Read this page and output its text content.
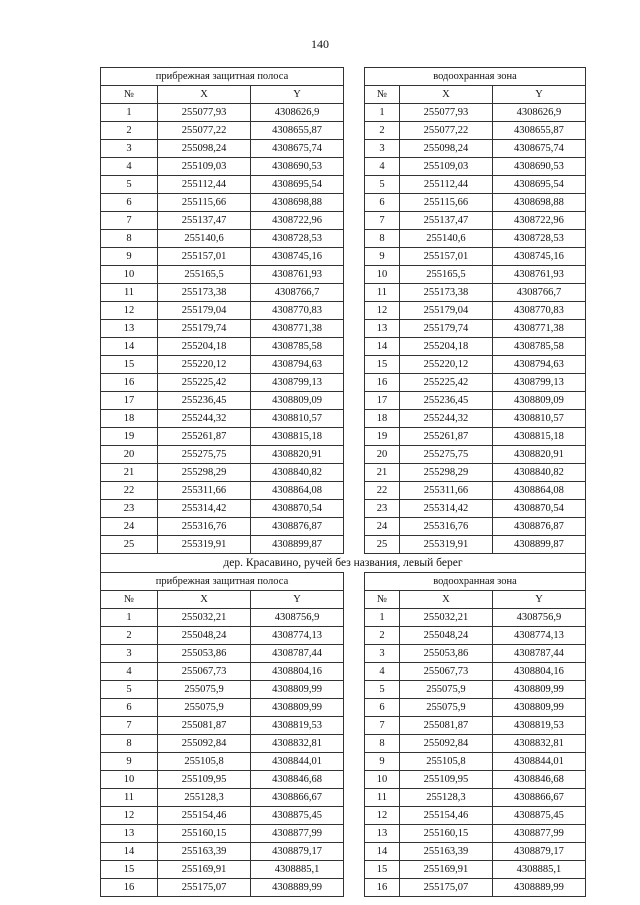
140
прибрежная защитная полоса		
№	X	Y
1	255077,93	4308626,9
2	255077,22	4308655,87
3	255098,24	4308675,74
4	255109,03	4308690,53
5	255112,44	4308695,54
6	255115,66	4308698,88
7	255137,47	4308722,96
8	255140,6	4308728,53
9	255157,01	4308745,16
10	255165,5	4308761,93
11	255173,38	4308766,7
12	255179,04	4308770,83
13	255179,74	4308771,38
14	255204,18	4308785,58
15	255220,12	4308794,63
16	255225,42	4308799,13
17	255236,45	4308809,09
18	255244,32	4308810,57
19	255261,87	4308815,18
20	255275,75	4308820,91
21	255298,29	4308840,82
22	255311,66	4308864,08
23	255314,42	4308870,54
24	255316,76	4308876,87
25	255319,91	4308899,87
водоохранная зона		
№	X	Y
1	255077,93	4308626,9
2	255077,22	4308655,87
3	255098,24	4308675,74
4	255109,03	4308690,53
5	255112,44	4308695,54
6	255115,66	4308698,88
7	255137,47	4308722,96
8	255140,6	4308728,53
9	255157,01	4308745,16
10	255165,5	4308761,93
11	255173,38	4308766,7
12	255179,04	4308770,83
13	255179,74	4308771,38
14	255204,18	4308785,58
15	255220,12	4308794,63
16	255225,42	4308799,13
17	255236,45	4308809,09
18	255244,32	4308810,57
19	255261,87	4308815,18
20	255275,75	4308820,91
21	255298,29	4308840,82
22	255311,66	4308864,08
23	255314,42	4308870,54
24	255316,76	4308876,87
25	255319,91	4308899,87
дер. Красавино, ручей без названия, левый берег
прибрежная защитная полоса		
№	X	Y
1	255032,21	4308756,9
2	255048,24	4308774,13
3	255053,86	4308787,44
4	255067,73	4308804,16
5	255075,9	4308809,99
6	255075,9	4308809,99
7	255081,87	4308819,53
8	255092,84	4308832,81
9	255105,8	4308844,01
10	255109,95	4308846,68
11	255128,3	4308866,67
12	255154,46	4308875,45
13	255160,15	4308877,99
14	255163,39	4308879,17
15	255169,91	4308885,1
16	255175,07	4308889,99
водоохранная зона		
№	X	Y
1	255032,21	4308756,9
2	255048,24	4308774,13
3	255053,86	4308787,44
4	255067,73	4308804,16
5	255075,9	4308809,99
6	255075,9	4308809,99
7	255081,87	4308819,53
8	255092,84	4308832,81
9	255105,8	4308844,01
10	255109,95	4308846,68
11	255128,3	4308866,67
12	255154,46	4308875,45
13	255160,15	4308877,99
14	255163,39	4308879,17
15	255169,91	4308885,1
16	255175,07	4308889,99
